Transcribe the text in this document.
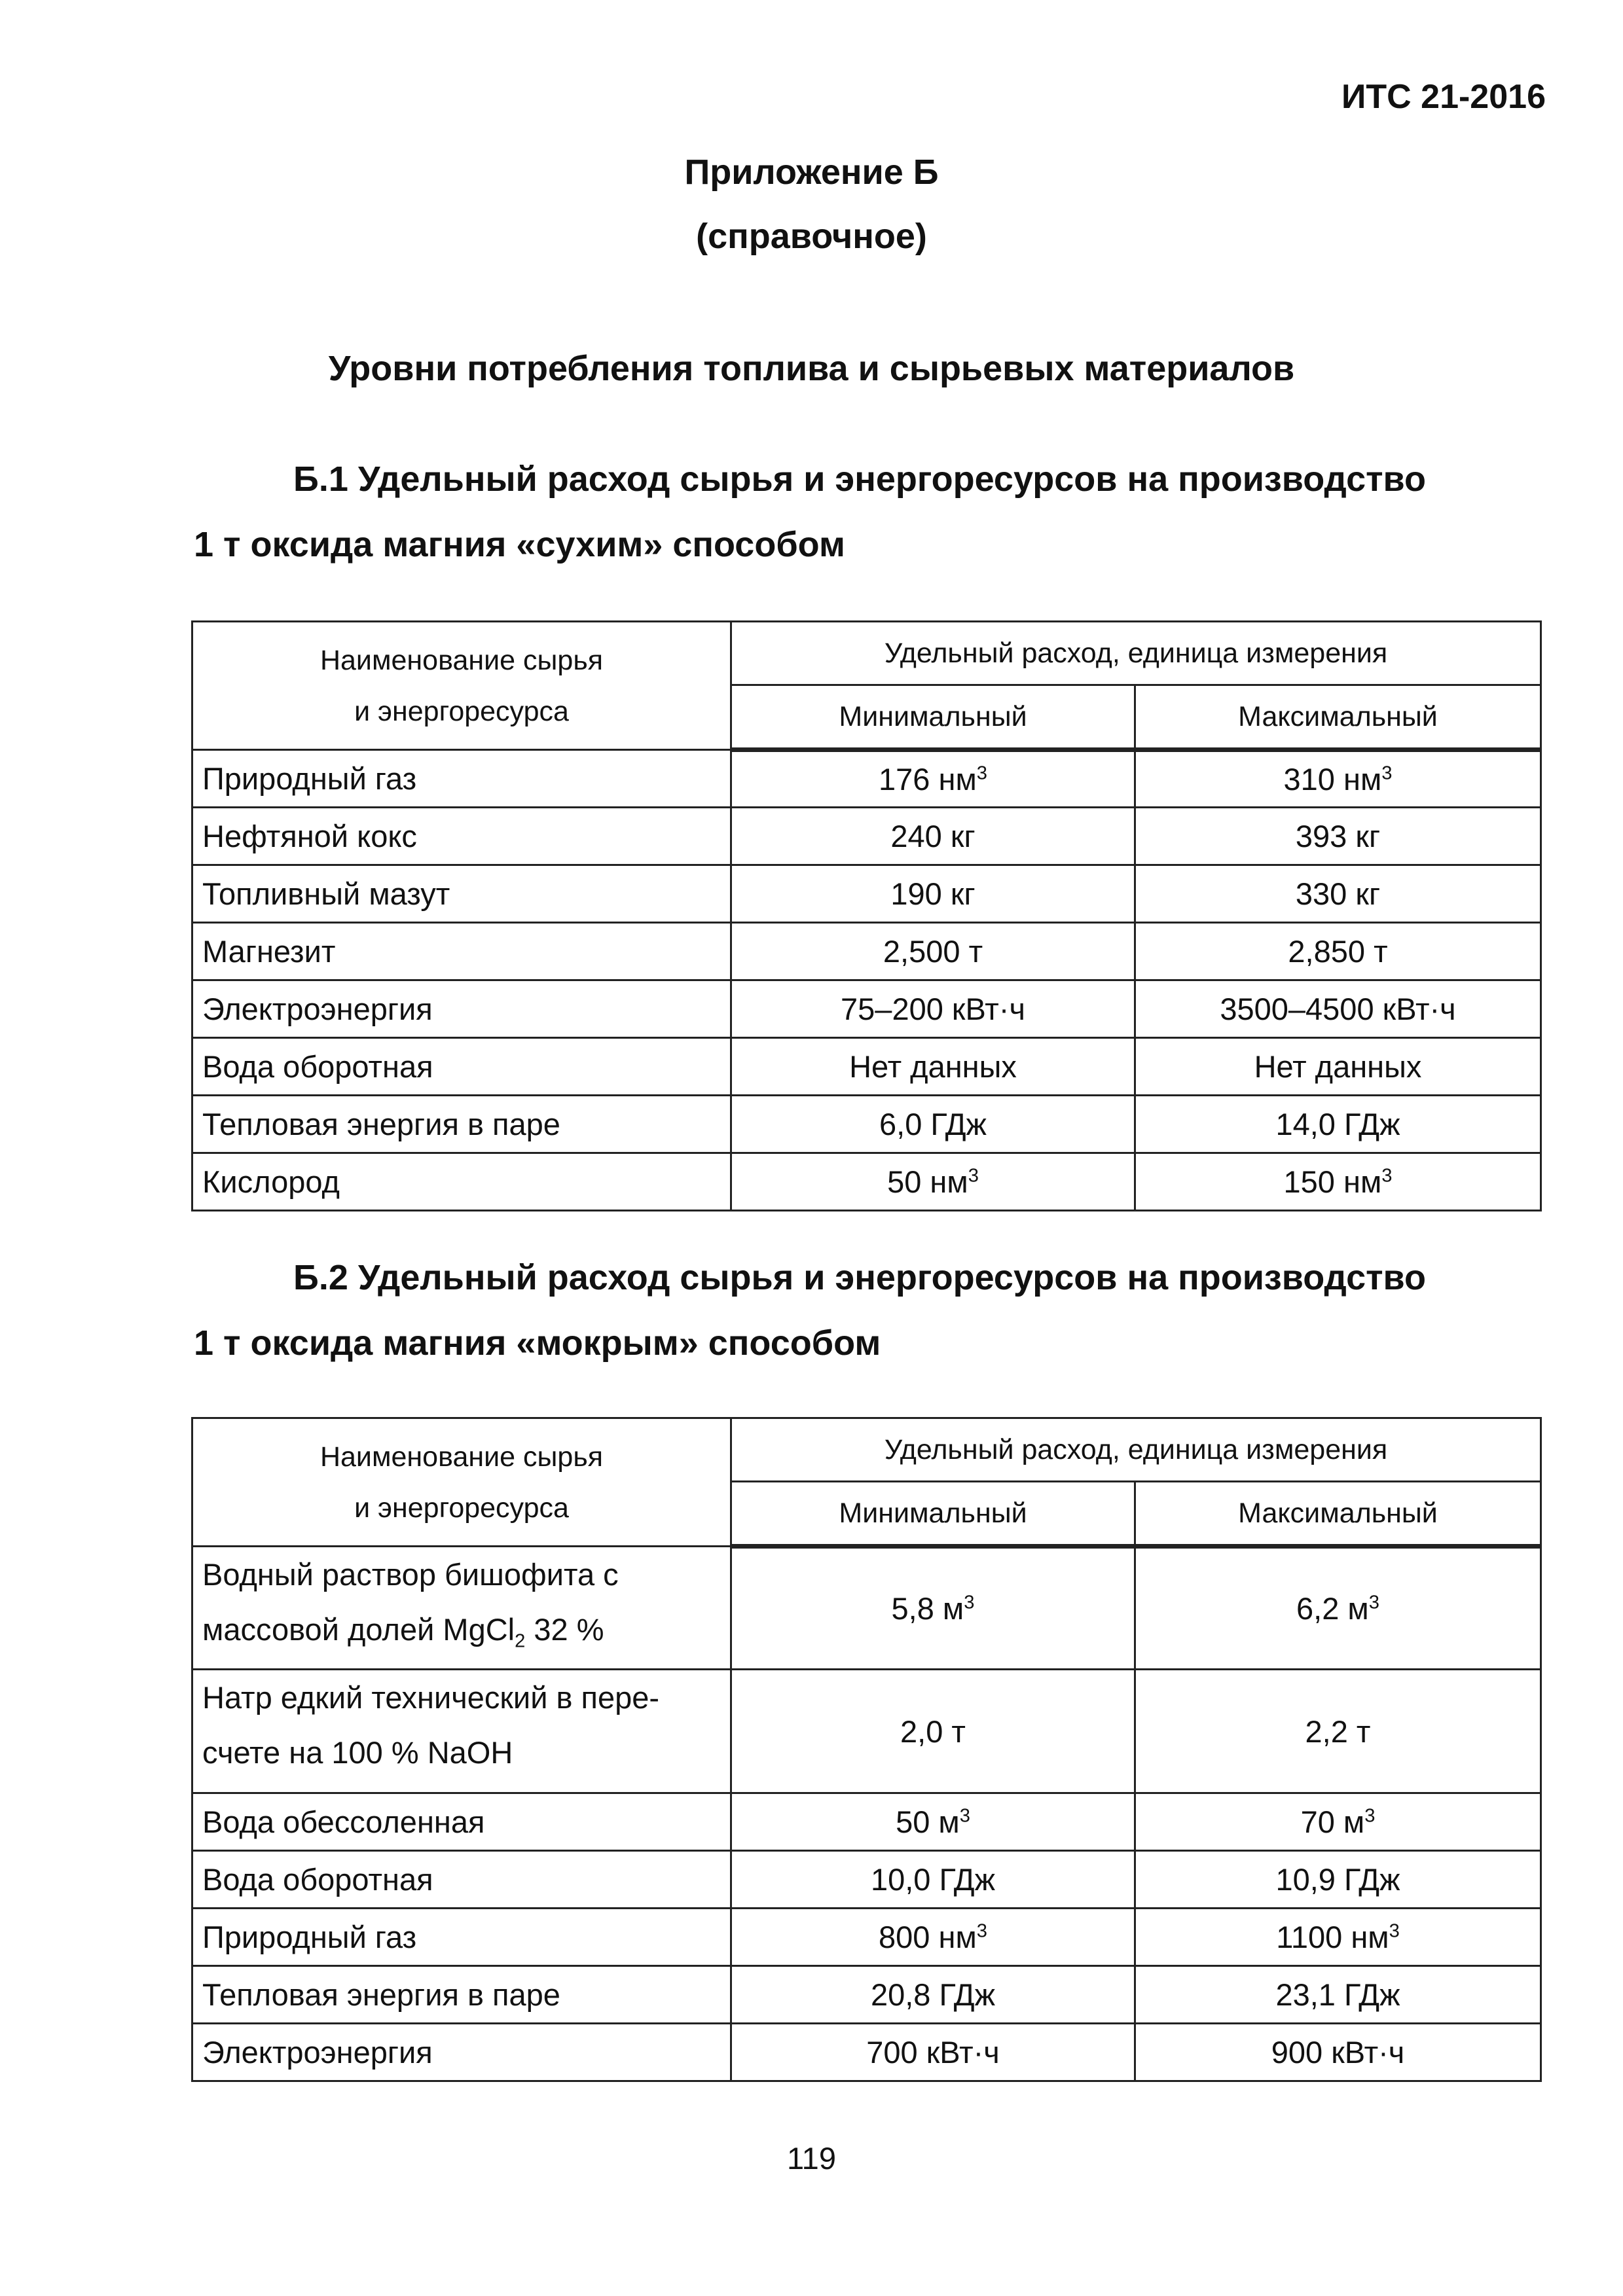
ИТС 21-2016
Приложение Б
(справочное)
Уровни потребления топлива и сырьевых материалов
Б.1 Удельный расход сырья и энергоресурсов на производство
1 т оксида магния «сухим» способом
Наименование сырья
и энергоресурса	Удельный расход, единица измерения	
	Минимальный	Максимальный
Природный газ	176 $нм^3$	310 $нм^3$
Нефтяной кокс	240 кг	393 кг
Топливный мазут	190 кг	330 кг
Магнезит	2,500 т	2,850 т
Электроэнергия	75–200 кВт·ч	3500–4500 кВт·ч
Вода оборотная	Нет данных	Нет данных
Тепловая энергия в паре	6,0 ГДж	14,0 ГДж
Кислород	50 $нм^3$	150 $нм^3$
Б.2 Удельный расход сырья и энергоресурсов на производство
1 т оксида магния «мокрым» способом
Наименование сырья
и энергоресурса	Удельный расход, единица измерения	
	Минимальный	Максимальный

Водный раствор бишофита с
массовой долей MgCl$_2$ 32 %	5,8 $м^3$	6,2 $м^3$

Натр едкий технический в пере-
счете на 100 % NaOH	2,0 т	2,2 т
Вода обессоленная	50 $м^3$	70 $м^3$
Вода оборотная	10,0 ГДж	10,9 ГДж
Природный газ	800 $нм^3$	1100 $нм^3$
Тепловая энергия в паре	20,8 ГДж	23,1 ГДж
Электроэнергия	700 кВт·ч	900 кВт·ч
119
